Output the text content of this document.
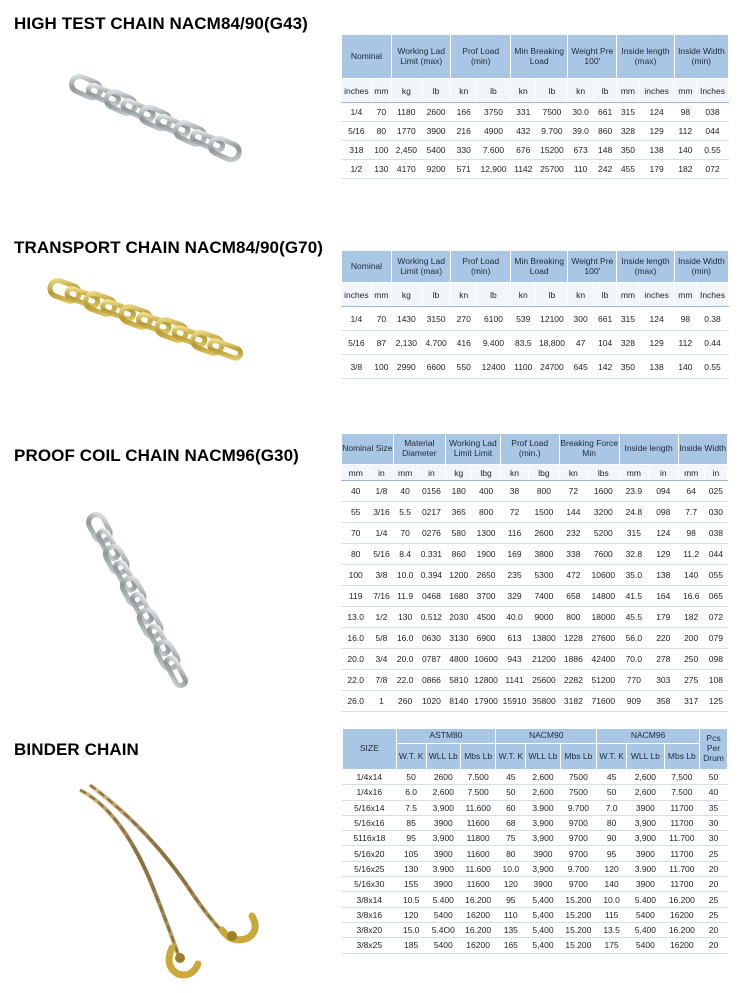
HIGH TEST CHAIN NACM84/90(G43)
Nominal		Working Lad Limit (max)		Prof Load (min)		Min Breaking Load		Weight Pre 100'		Inside length (max)		Inside Width (min)	
inches	mm	kg	lb	kn	lb	kn	lb	kn	lb	mm	inches	mm	Inches
1/4	70	1180	2600	166	3750	331	7500	30.0	661	315	124	98	038
5/16	80	1770	3900	216	4900	432	9.700	39.0	860	328	129	112	044
318	100	2,450	5400	330	7.600	676	15200	673	148	350	138	140	0.55
1/2	130	4170	9200	571	12,900	1142	25700	110	242	455	179	182	072
TRANSPORT CHAIN NACM84/90(G70)
Nominal		Working Lad Limit (max)		Prof Load (min)		Min Breaking Load		Weight Pre 100'		Inside length (max)		Inside Width (min)	
inches	mm	kg	lb	kn	lb	kn	lb	kn	lb	mm	inches	mm	Inches
1/4	70	1430	3150	270	6100	539	12100	300	661	315	124	98	0.38
5/16	87	2,130	4.700	416	9.400	83.5	18,800	47	104	328	129	112	0.44
3/8	100	2990	6600	550	12400	1100	24700	645	142	350	138	140	0.55
PROOF COIL CHAIN NACM96(G30)	Nominal Size		Material Diameter		Working Lad Limit Limit		Prof Load (min.)		Breaking Force Min		Inside length		Inside Width	
mm	in	mm	in	kg	lbg	kn	lbg	kn	lbs	mm	in	mm	in
40	1/8	40	0156	180	400	38	800	72	1600	23.9	094	64	025
55	3/16	5.5	0217	365	800	72	1500	144	3200	24.8	098	7.7	030
70	1/4	70	0276	580	1300	116	2600	232	5200	315	124	98	038
80	5/16	8.4	0.331	860	1900	169	3800	338	7600	32.8	129	11.2	044
100	3/8	10.0	0.394	1200	2650	235	5300	472	10600	35.0	138	140	055
119	7/16	11.9	0468	1680	3700	329	7400	658	14800	41.5	164	16.6	065
13.0	1/2	130	0.512	2030	4500	40.0	9000	800	18000	45.5	179	182	072
16.0	5/8	16.0	0630	3130	6900	613	13800	1228	27600	56.0	220	200	079
20.0	3/4	20.0	0787	4800	10600	943	21200	1886	42400	70.0	278	250	098
22.0	7/8	22.0	0866	5810	12800	1141	25600	2282	51200	770	303	275	108
26.0	1	260	1020	8140	17900	15910	35800	3182	71600	909	358	317	125
BINDER CHAIN	SIZE	ASTM80			NACM90			NACM96			Pcs Per Drum
	W.T. K	WLL Lb	Mbs Lb	W.T. K	WLL Lb	Mbs Lb	W.T. K	WLL Lb	Mbs Lb	
1/4x14	50	2600	7.500	45	2,600	7500	45	2,600	7,500	50
1/4x16	6.0	2,600	7.500	50	2,600	7500	50	2,600	7.500	40
5/16x14	7.5	3,900	11.600	60	3.900	9.700	7.0	3900	11700	35
5/16x16	85	3900	11600	68	3,900	9700	80	3,900	11700	30
5116x18	95	3,900	11800	75	3,900	9700	90	3,900	11.700	30
5/16x20	105	3900	11600	80	3900	9700	95	3900	11700	25
5/16x25	130	3.900	11.600	10.0	3,900	9.700	120	3.900	11.700	20
5/16x30	155	3900	11600	120	3900	9700	140	3900	11700	20
3/8x14	10.5	5.400	16.200	95	5,400	15.200	10.0	5.400	16.200	25
3/8x16	120	5400	16200	110	5,400	15.200	115	5400	16200	25
3/8x20	15.0	5.4O0	16.200	135	5,400	15.200	13.5	5,400	16.200	20
3/8x25	185	5400	16200	165	5,400	15.200	175	5400	16200	20
